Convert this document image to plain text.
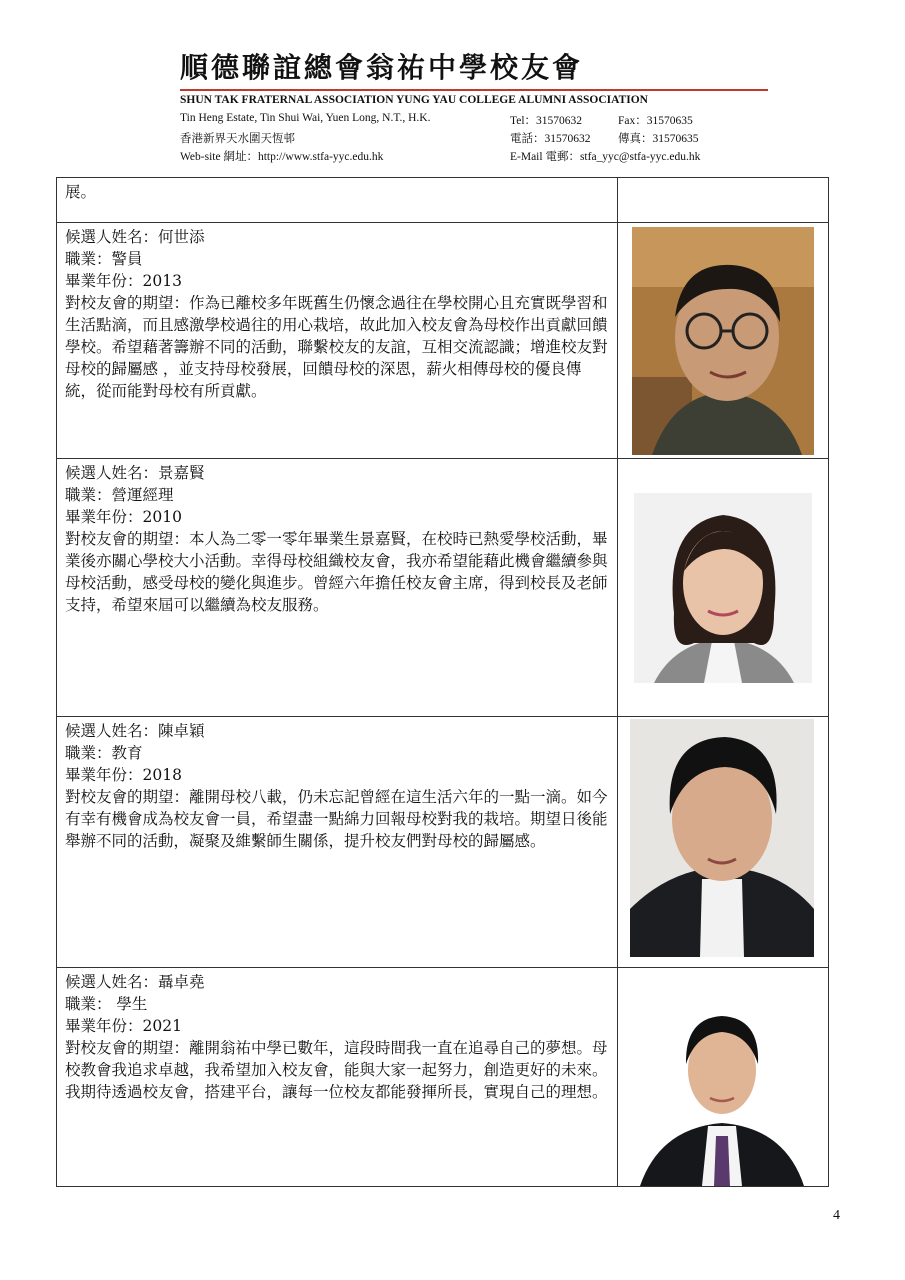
順德聯誼總會翁祐中學校友會
SHUN TAK FRATERNAL ASSOCIATION YUNG YAU COLLEGE ALUMNI ASSOCIATION
Tin Heng Estate, Tin Shui Wai, Yuen Long, N.T., H.K.	Tel：31570632	Fax：31570635
香港新界天水圍天恆邨	電話：31570632 傳真：31570635
Web-site 網址：http://www.stfa-yyc.edu.hk	E-Mail 電郵：stfa_yyc@stfa-yyc.edu.hk

展。	

候選人姓名：何世添

職業：警員

畢業年份：2013

對校友會的期望：作為已離校多年既舊生仍懷念過往在學校開心且充實既學習和生活點滴，而且感激學校過往的用心栽培，故此加入校友會為母校作出貢獻回饋學校。希望藉著籌辦不同的活動，聯繫校友的友誼，互相交流認識；增進校友對母校的歸屬感 ，並支持母校發展，回饋母校的深恩，薪火相傳母校的優良傳統，從而能對母校有所貢獻。

候選人姓名：景嘉賢

職業：營運經理

畢業年份：2010

對校友會的期望：本人為二零一零年畢業生景嘉賢，在校時已熱愛學校活動，畢業後亦關心學校大小活動。幸得母校組織校友會，我亦希望能藉此機會繼續參與母校活動，感受母校的變化與進步。曾經六年擔任校友會主席，得到校長及老師支持，希望來屆可以繼續為校友服務。

候選人姓名：陳卓穎

職業：教育

畢業年份：2018

對校友會的期望：離開母校八載，仍未忘記曾經在這生活六年的一點一滴。如今有幸有機會成為校友會一員，希望盡一點綿力回報母校對我的栽培。期望日後能舉辦不同的活動，凝聚及維繫師生關係，提升校友們對母校的歸屬感。

候選人姓名：聶卓堯

職業： 學生

畢業年份：2021

對校友會的期望：離開翁祐中學已數年，這段時間我一直在追尋自己的夢想。母校教會我追求卓越，我希望加入校友會，能與大家一起努力，創造更好的未來。我期待透過校友會，搭建平台，讓每一位校友都能發揮所長，實現自己的理想。

4
